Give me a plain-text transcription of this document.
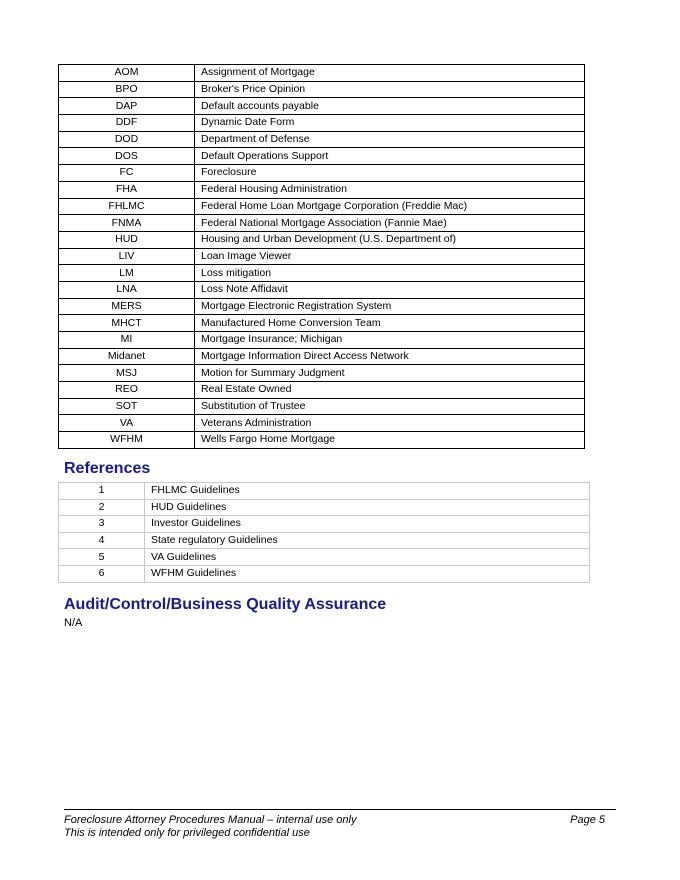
AOM	Assignment of Mortgage
BPO	Broker's Price Opinion
DAP	Default accounts payable
DDF	Dynamic Date Form
DOD	Department of Defense
DOS	Default Operations Support
FC	Foreclosure
FHA	Federal Housing Administration
FHLMC	Federal Home Loan Mortgage Corporation (Freddie Mac)
FNMA	Federal National Mortgage Association (Fannie Mae)
HUD	Housing and Urban Development (U.S. Department of)
LIV	Loan Image Viewer
LM	Loss mitigation
LNA	Loss Note Affidavit
MERS	Mortgage Electronic Registration System
MHCT	Manufactured Home Conversion Team
MI	Mortgage Insurance; Michigan
Midanet	Mortgage Information Direct Access Network
MSJ	Motion for Summary Judgment
REO	Real Estate Owned
SOT	Substitution of Trustee
VA	Veterans Administration
WFHM	Wells Fargo Home Mortgage
References
1	FHLMC Guidelines
2	HUD Guidelines
3	Investor Guidelines
4	State regulatory Guidelines
5	VA Guidelines
6	WFHM Guidelines
Audit/Control/Business Quality Assurance
N/A
Foreclosure Attorney Procedures Manual – internal use only
This is intended only for privileged confidential use
Page 5
